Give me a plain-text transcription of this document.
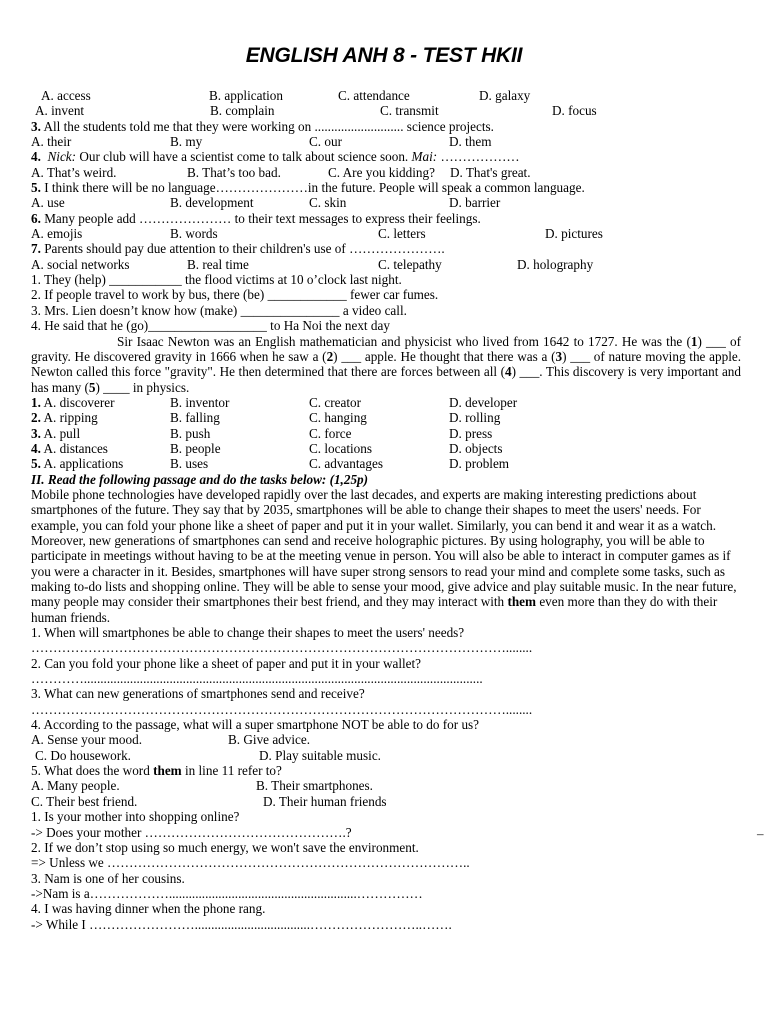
ENGLISH ANH 8 - TEST HKII
A. access	B. application	C. attendance	D. galaxy
A. invent	B. complain	C. transmit	D. focus
3. All the students told me that they were working on ........................... science projects.
A. their	B. my	C. our	D. them
4. Nick: Our club will have a scientist come to talk about science soon. Mai: ………………
A. That’s weird.	B. That’s too bad.	C. Are you kidding? D. That's great.
5. I think there will be no language…………………in the future. People will speak a common language.
A. use	B. development	C. skin	D. barrier
6. Many people add ………………… to their text messages to express their feelings.
A. emojis	B. words	C. letters	D. pictures
7. Parents should pay due attention to their children's use of ………………….
A. social networks	B. real time	C. telepathy	D. holography
1. They (help) ___________ the flood victims at 10 o’clock last night.
2. If people travel to work by bus, there (be) ____________ fewer car fumes.
3. Mrs. Lien doesn’t know how (make) _______________ a video call.
4. He said that he (go)__________________ to Ha Noi the next day
Sir Isaac Newton was an English mathematician and physicist who lived from 1642 to 1727. He was the (1) ___ of gravity. He discovered gravity in 1666 when he saw a (2) ___ apple. He thought that there was a (3) ___ of nature moving the apple. Newton called this force "gravity". He then determined that there are forces between all (4) ___. This discovery is very important and has many (5) ____ in physics.
1. A. discoverer	B. inventor	C. creator	D. developer
2. A. ripping	B. falling	C. hanging	D. rolling
3. A. pull	B. push	C. force	D. press
4. A. distances	B. people	C. locations	D. objects
5. A. applications	B. uses	C. advantages	D. problem
II. Read the following passage and do the tasks below: (1,25p)
Mobile phone technologies have developed rapidly over the last decades, and experts are making interesting predictions about smartphones of the future. They say that by 2035, smartphones will be able to change their shapes to meet the users' needs. For example, you can fold your phone like a sheet of paper and put it in your wallet. Similarly, you can bend it and wear it as a watch. Moreover, new generations of smartphones can send and receive holographic pictures. By using holography, you will be able to participate in meetings without having to be at the meeting venue in person. You will also be able to interact in computer games as if you were a character in it. Besides, smartphones will have super strong sensors to read your mind and complete some tasks, such as making to-do lists and shopping online. They will be able to sense your mood, give advice and play suitable music. In the near future, many people may consider their smartphones their best friend, and they may interact with them even more than they do with their human friends.
1. When will smartphones be able to change their shapes to meet the users' needs?
………………………………………………………………………………………………........
2. Can you fold your phone like a sheet of paper and put it in your wallet?
………….........................................................................................................................
3. What can new generations of smartphones send and receive?
………………………………………………………………………………………………........
4. According to the passage, what will a super smartphone NOT be able to do for us?
A. Sense your mood.	B. Give advice.
C. Do housework.	D. Play suitable music.
5. What does the word them in line 11 refer to?
A. Many people.	B. Their smartphones.
C. Their best friend.	D. Their human friends
1. Is your mother into shopping online?
-> Does your mother ……………………………………….?
2. If we don’t stop using so much energy, we won't save the environment.
=> Unless we ………………………………………………………………………..
3. Nam is one of her cousins.
->Nam is a……………….........................................................……………
4. I was having dinner when the phone rang.
-> While I ……………………...................................……………………..…….
–
